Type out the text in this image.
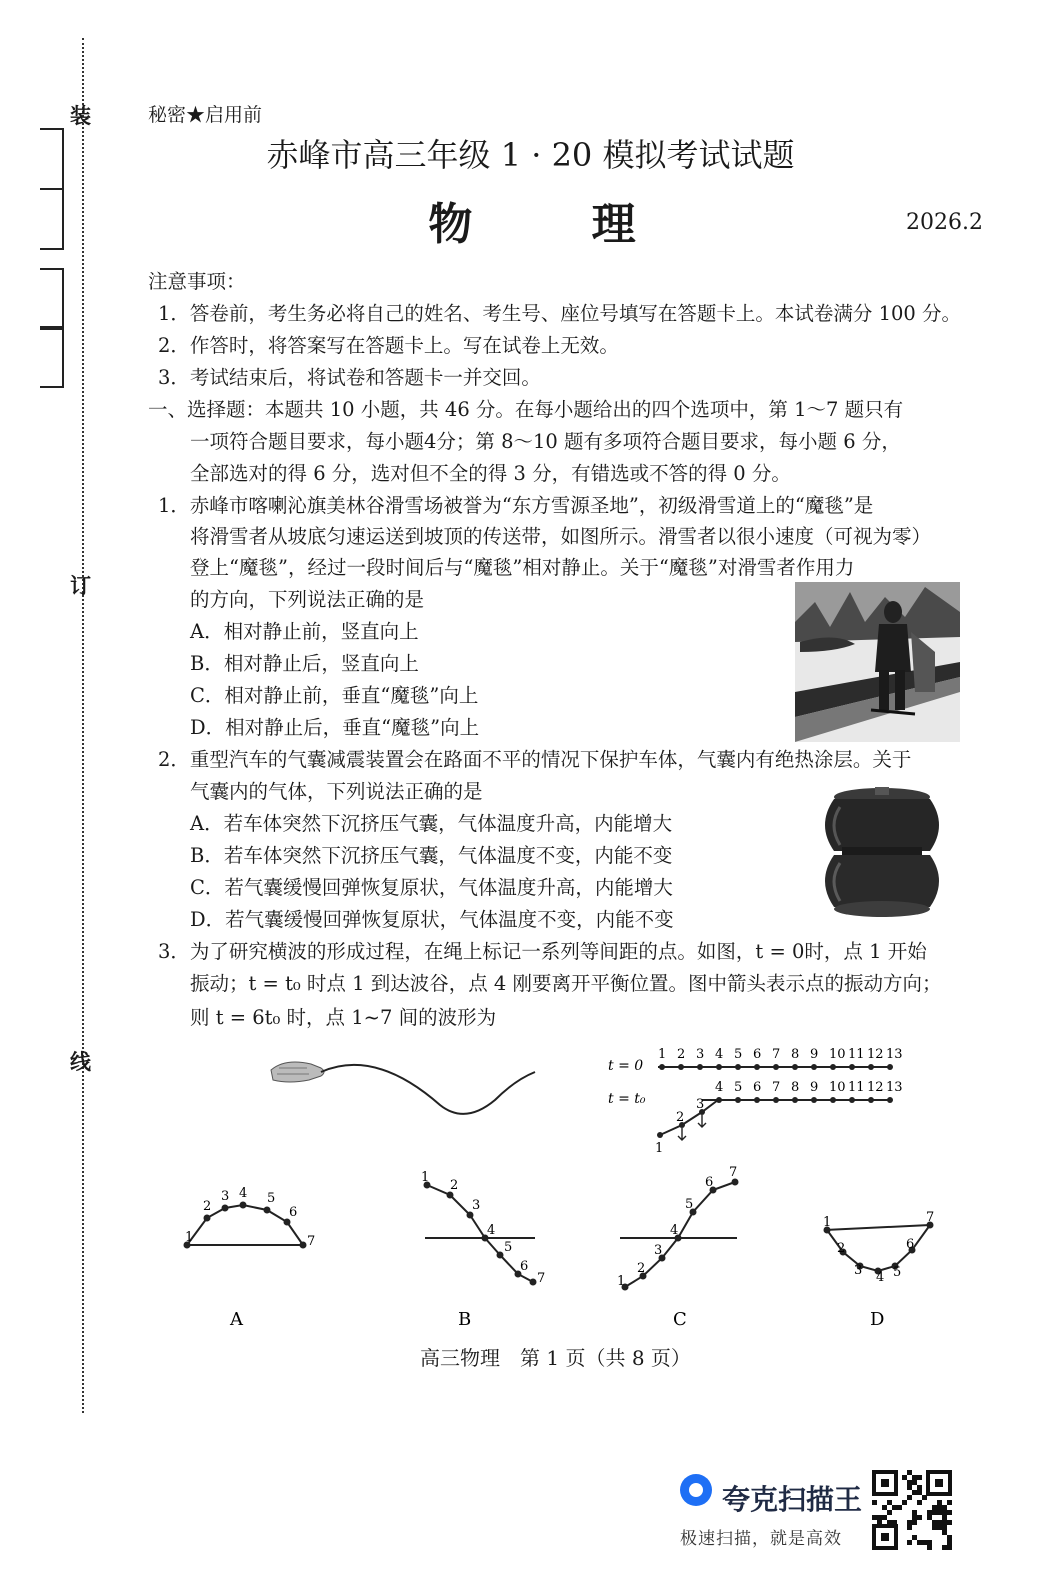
装
订
线
秘密★启用前
赤峰市高三年级 1 · 20 模拟考试试题
物 理	2026.2
注意事项：
1．答卷前，考生务必将自己的姓名、考生号、座位号填写在答题卡上。本试卷满分 100 分。
2．作答时，将答案写在答题卡上。写在试卷上无效。
3．考试结束后，将试卷和答题卡一并交回。
一、选择题：本题共 10 小题，共 46 分。在每小题给出的四个选项中，第 1～7 题只有
一项符合题目要求，每小题4分；第 8～10 题有多项符合题目要求，每小题 6 分，
全部选对的得 6 分，选对但不全的得 3 分，有错选或不答的得 0 分。
1．赤峰市喀喇沁旗美林谷滑雪场被誉为“东方雪源圣地”，初级滑雪道上的“魔毯”是
将滑雪者从坡底匀速运送到坡顶的传送带，如图所示。滑雪者以很小速度（可视为零）
登上“魔毯”，经过一段时间后与“魔毯”相对静止。关于“魔毯”对滑雪者作用力
的方向，下列说法正确的是
A．相对静止前，竖直向上
B．相对静止后，竖直向上
C．相对静止前，垂直“魔毯”向上
D．相对静止后，垂直“魔毯”向上
2．重型汽车的气囊减震装置会在路面不平的情况下保护车体，气囊内有绝热涂层。关于
气囊内的气体，下列说法正确的是
A．若车体突然下沉挤压气囊，气体温度升高，内能增大
B．若车体突然下沉挤压气囊，气体温度不变，内能不变
C．若气囊缓慢回弹恢复原状，气体温度升高，内能增大
D．若气囊缓慢回弹恢复原状，气体温度不变，内能不变
3．为了研究横波的形成过程，在绳上标记一系列等间距的点。如图，t = 0时，点 1 开始
振动；t = t₀ 时点 1 到达波谷，点 4 刚要离开平衡位置。图中箭头表示点的振动方向；
则 t = 6t₀ 时，点 1~7 间的波形为
t = 0
t = t₀
1 2 3 4 5 6 7 8 9 10 11 12 13
4 5 6 7 8 9 10 11 12 13
1
2
3
1
2
3 4 5
6
7
A
1
2
3
4
5
6
7
B
1
2
3
4
5
6
7
C
1
2
3 4 5
6
7
D
高三物理　第 1 页（共 8 页）
夸克扫描王
极速扫描，就是高效
